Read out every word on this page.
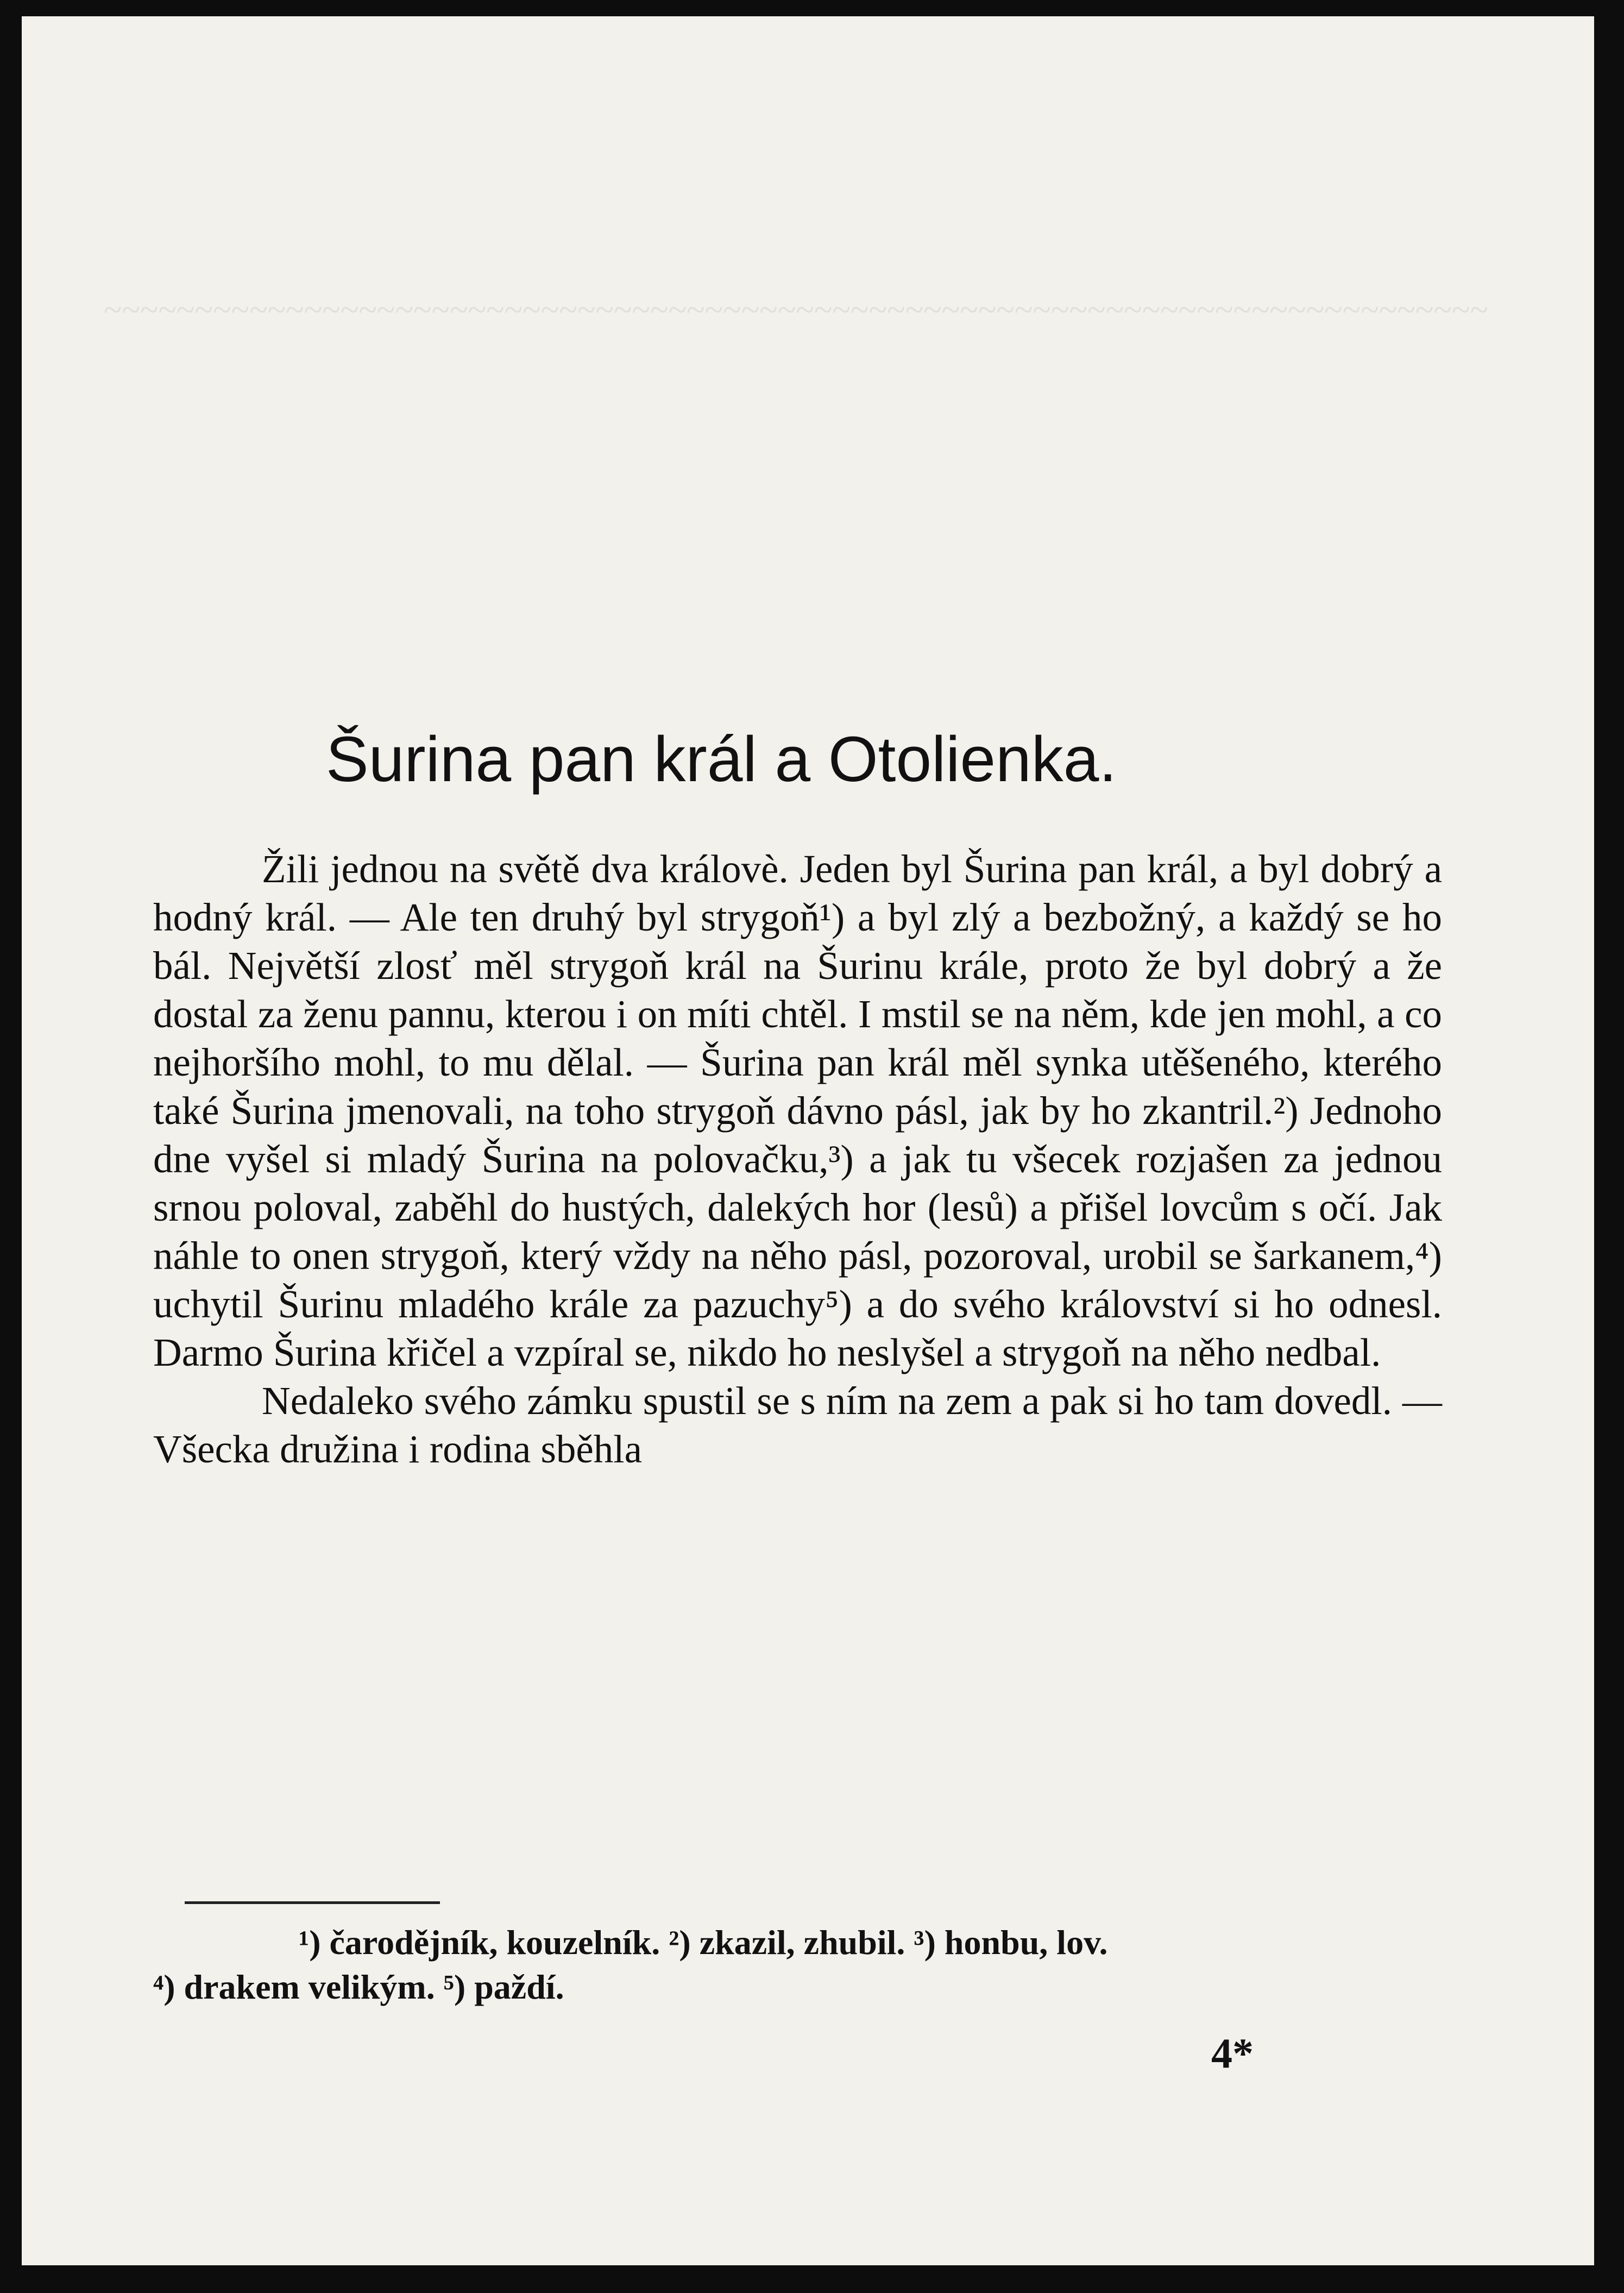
~~~~~~~~~~~~~~~~~~~~~~~~~~~~~~~~~~~~~~~~~~~~~~~~~~~~~~~~~~~~~~~~~~~~~~~~~~~~
Šurina pan král a Otolienka.

Žili jednou na světě dva královè. Jeden byl Šurina pan král, a byl dobrý a hodný král. — Ale ten druhý byl strygoň¹) a byl zlý a bezbožný, a každý se ho bál. Největší zlosť měl strygoň král na Šurinu krále, proto že byl dobrý a že dostal za ženu pannu, kterou i on míti chtěl. I mstil se na něm, kde jen mohl, a co nejhoršího mohl, to mu dělal. — Šurina pan král měl synka utěšeného, kterého také Šurina jmenovali, na toho strygoň dávno pásl, jak by ho zkantril.²) Jednoho dne vyšel si mladý Šurina na polovačku,³) a jak tu všecek rozjašen za jednou srnou poloval, zaběhl do hustých, dalekých hor (lesů) a přišel lovcům s očí. Jak náhle to onen strygoň, který vždy na něho pásl, pozoroval, urobil se šarkanem,⁴) uchytil Šurinu mladého krále za pazuchy⁵) a do svého království si ho odnesl. Darmo Šurina křičel a vzpíral se, nikdo ho neslyšel a strygoň na něho nedbal.

Nedaleko svého zámku spustil se s ním na zem a pak si ho tam dovedl. — Všecka družina i rodina sběhla

¹) čarodějník, kouzelník. ²) zkazil, zhubil. ³) honbu, lov.
⁴) drakem velikým. ⁵) paždí.
4*
